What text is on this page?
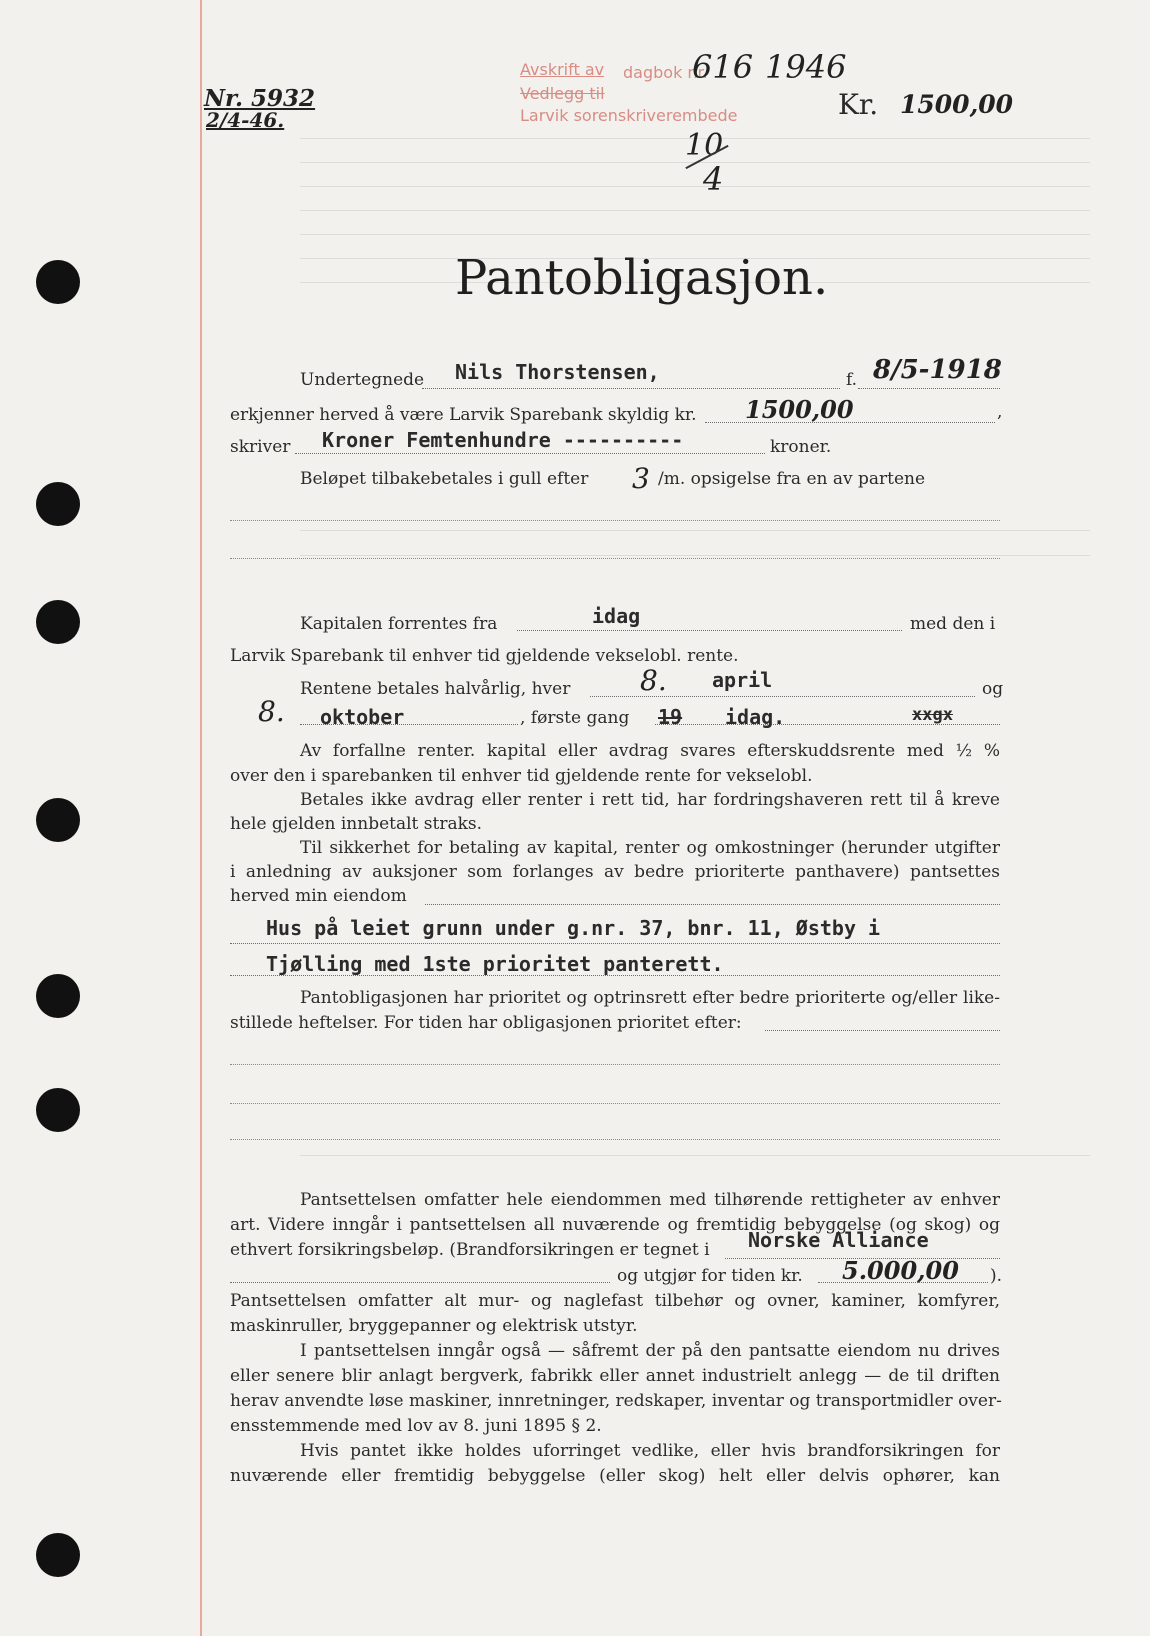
Nr. 5932
2/4-46.
Avskrift av dagbok nr.
616 1946
Vedlegg til
Larvik sorenskriverembede
10
4
Kr. 1500,00
Pantobligasjon.
Undertegnede Nils Thorstensen,	f. 8/5-1918
erkjenner herved å være Larvik Sparebank skyldig kr. 1500,00	,
skriver Kroner Femtenhundre ----------	kroner.
Beløpet tilbakebetales i gull efter 3 /m. opsigelse fra en av partene
Kapitalen forrentes fra	idag	med den i
Larvik Sparebank til enhver tid gjeldende vekselobl. rente.
Rentene betales halvårlig, hver 8. april	og
8. oktober	, første gang 19 idag.	xxgx
Av forfallne renter. kapital eller avdrag svares efterskuddsrente med ½ %
over den i sparebanken til enhver tid gjeldende rente for vekselobl.
Betales ikke avdrag eller renter i rett tid, har fordringshaveren rett til å kreve
hele gjelden innbetalt straks.
Til sikkerhet for betaling av kapital, renter og omkostninger (herunder utgifter
i anledning av auksjoner som forlanges av bedre prioriterte panthavere) pantsettes
herved min eiendom
Hus på leiet grunn under g.nr. 37, bnr. 11, Østby i
Tjølling med 1ste prioritet panterett.
Pantobligasjonen har prioritet og optrinsrett efter bedre prioriterte og/eller like-
stillede heftelser. For tiden har obligasjonen prioritet efter:
Pantsettelsen omfatter hele eiendommen med tilhørende rettigheter av enhver
art. Videre inngår i pantsettelsen all nuværende og fremtidig bebyggelse (og skog) og
ethvert forsikringsbeløp. (Brandforsikringen er tegnet i Norske Alliance
og utgjør for tiden kr. 5.000,00 ).
Pantsettelsen omfatter alt mur- og naglefast tilbehør og ovner, kaminer, komfyrer,
maskinruller, bryggepanner og elektrisk utstyr.
I pantsettelsen inngår også — såfremt der på den pantsatte eiendom nu drives
eller senere blir anlagt bergverk, fabrikk eller annet industrielt anlegg — de til driften
herav anvendte løse maskiner, innretninger, redskaper, inventar og transportmidler over-
ensstemmende med lov av 8. juni 1895 § 2.
Hvis pantet ikke holdes uforringet vedlike, eller hvis brandforsikringen for
nuværende eller fremtidig bebyggelse (eller skog) helt eller delvis ophører, kan
